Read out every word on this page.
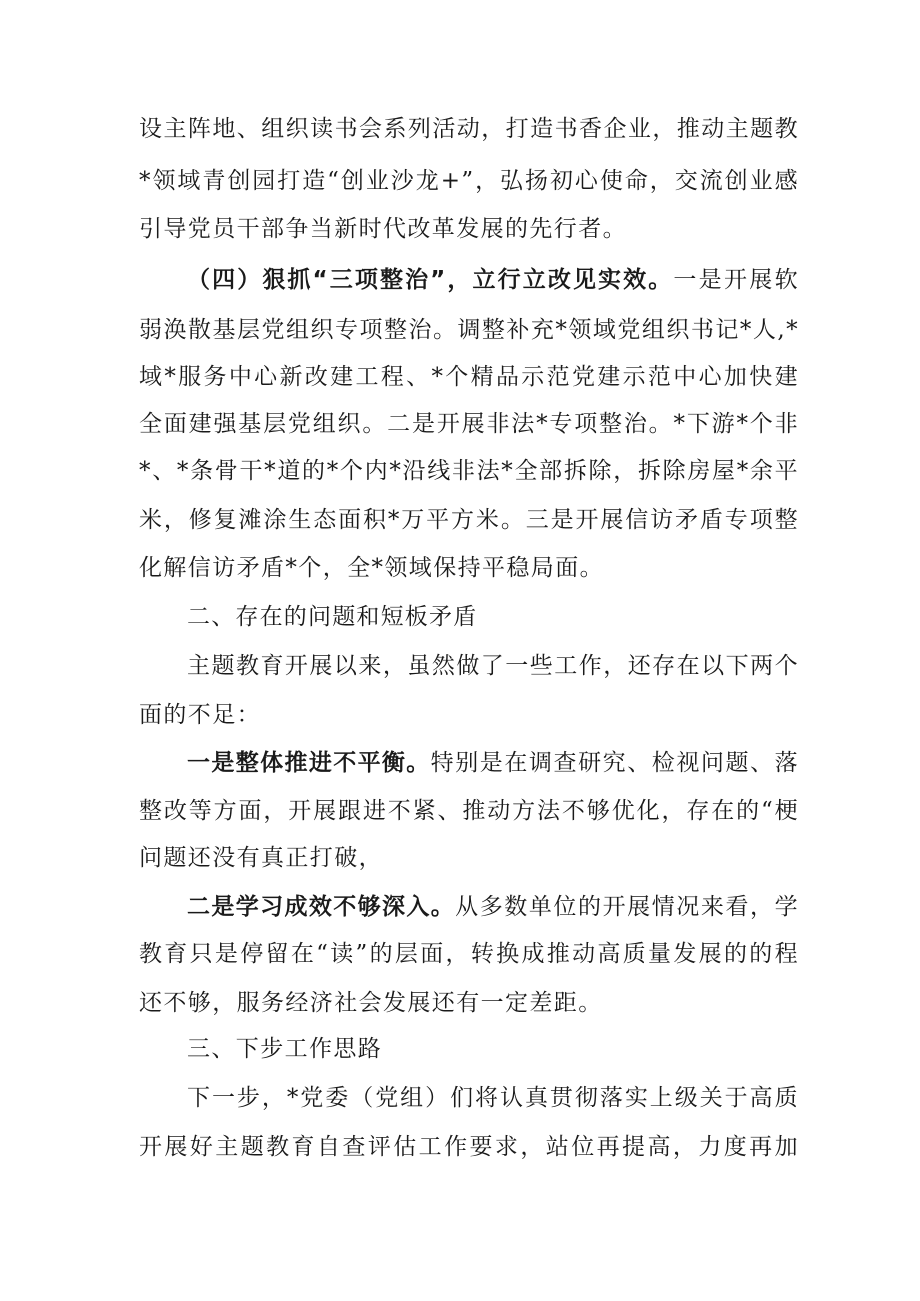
设主阵地、组织读书会系列活动，打造书香企业，推动主题教
*领域青创园打造“创业沙龙+”，弘扬初心使命，交流创业感
引导党员干部争当新时代改革发展的先行者。
（四）狠抓“三项整治”，立行立改见实效。一是开展软
弱涣散基层党组织专项整治。调整补充*领域党组织书记*人,*
域*服务中心新改建工程、*个精品示范党建示范中心加快建
全面建强基层党组织。二是开展非法*专项整治。*下游*个非
*、*条骨干*道的*个内*沿线非法*全部拆除，拆除房屋*余平
米，修复滩涂生态面积*万平方米。三是开展信访矛盾专项整
化解信访矛盾*个，全*领域保持平稳局面。
二、存在的问题和短板矛盾
主题教育开展以来，虽然做了一些工作，还存在以下两个
面的不足：
一是整体推进不平衡。特别是在调查研究、检视问题、落
整改等方面，开展跟进不紧、推动方法不够优化，存在的“梗
问题还没有真正打破，
二是学习成效不够深入。从多数单位的开展情况来看，学
教育只是停留在“读”的层面，转换成推动高质量发展的的程
还不够，服务经济社会发展还有一定差距。
三、下步工作思路
下一步，*党委（党组）们将认真贯彻落实上级关于高质
开展好主题教育自查评估工作要求，站位再提高，力度再加
